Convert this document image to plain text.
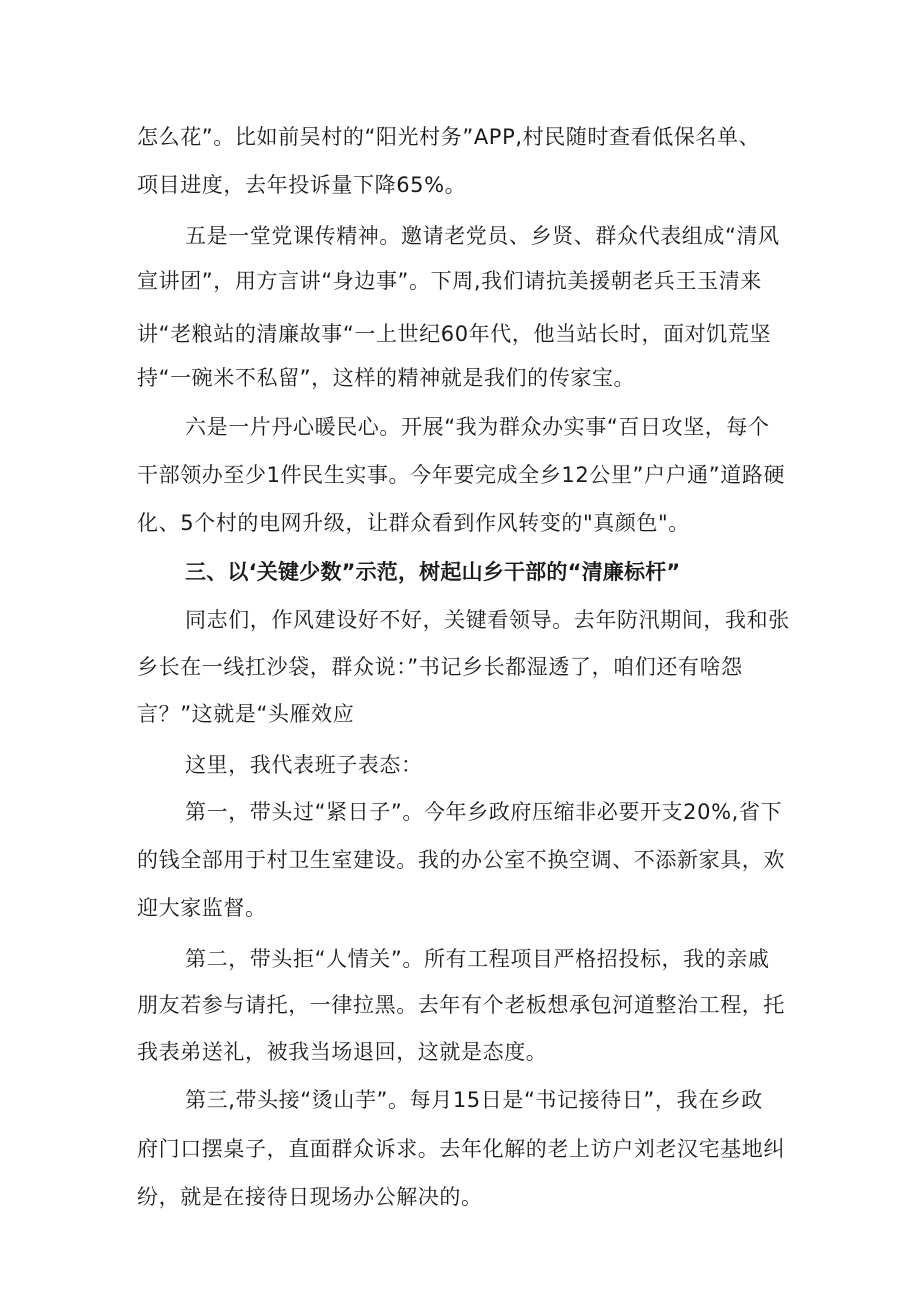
怎么花”。比如前吴村的“阳光村务”APP,村民随时查看低保名单、
项目进度，去年投诉量下降65%。
五是一堂党课传精神。邀请老党员、乡贤、群众代表组成“清风
宣讲团”，用方言讲“身边事”。下周,我们请抗美援朝老兵王玉清来
讲“老粮站的清廉故事“一上世纪60年代，他当站长时，面对饥荒坚
持“一碗米不私留”，这样的精神就是我们的传家宝。
六是一片丹心暖民心。开展“我为群众办实事“百日攻坚，每个
干部领办至少1件民生实事。今年要完成全乡12公里”户户通”道路硬
化、5个村的电网升级，让群众看到作风转变的"真颜色"。
三、以‘关键少数”示范，树起山乡干部的“清廉标杆”
同志们，作风建设好不好，关键看领导。去年防汛期间，我和张
乡长在一线扛沙袋，群众说：”书记乡长都湿透了，咱们还有啥怨
言？”这就是“头雁效应
这里，我代表班子表态：
第一，带头过“紧日子”。今年乡政府压缩非必要开支20%,省下
的钱全部用于村卫生室建设。我的办公室不换空调、不添新家具，欢
迎大家监督。
第二，带头拒“人情关”。所有工程项目严格招投标，我的亲戚
朋友若参与请托，一律拉黑。去年有个老板想承包河道整治工程，托
我表弟送礼，被我当场退回，这就是态度。
第三,带头接“烫山芋”。每月15日是“书记接待日”，我在乡政
府门口摆桌子，直面群众诉求。去年化解的老上访户刘老汉宅基地纠
纷，就是在接待日现场办公解决的。
